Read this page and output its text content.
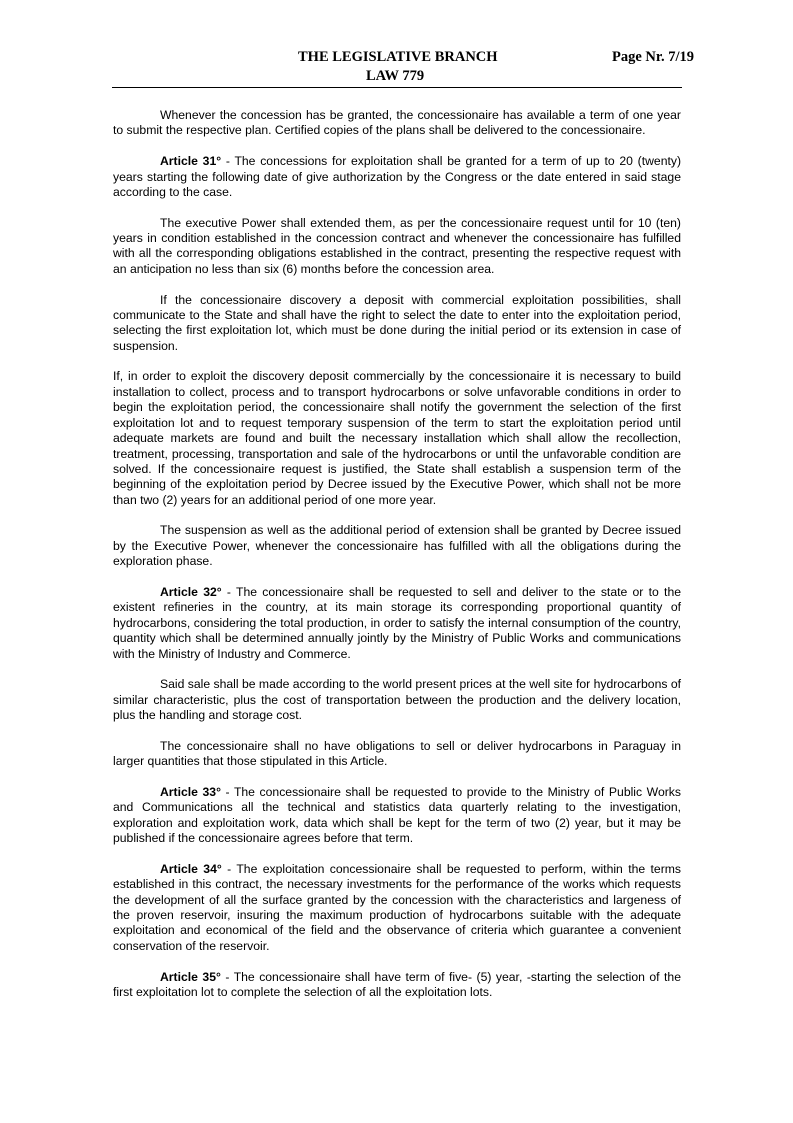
THE LEGISLATIVE BRANCH
LAW 779
Page Nr. 7/19

Whenever the concession has be granted, the concessionaire has available a term of one year to submit the respective plan. Certified copies of the plans shall be delivered to the concessionaire.

Article 31° - The concessions for exploitation shall be granted for a term of up to 20 (twenty) years starting the following date of give authorization by the Congress or the date entered in said stage according to the case.

The executive Power shall extended them, as per the concessionaire request until for 10 (ten) years in condition established in the concession contract and whenever the concessionaire has fulfilled with all the corresponding obligations established in the contract, presenting the respective request with an anticipation no less than six (6) months before the concession area.

If the concessionaire discovery a deposit with commercial exploitation possibilities, shall communicate to the State and shall have the right to select the date to enter into the exploitation period, selecting the first exploitation lot, which must be done during the initial period or its extension in case of suspension.

If, in order to exploit the discovery deposit commercially by the concessionaire it is necessary to build installation to collect, process and to transport hydrocarbons or solve unfavorable conditions in order to begin the exploitation period, the concessionaire shall notify the government the selection of the first exploitation lot and to request temporary suspension of the term to start the exploitation period until adequate markets are found and built the necessary installation which shall allow the recollection, treatment, processing, transportation and sale of the hydrocarbons or until the unfavorable condition are solved. If the concessionaire request is justified, the State shall establish a suspension term of the beginning of the exploitation period by Decree issued by the Executive Power, which shall not be more than two (2) years for an additional period of one more year.

The suspension as well as the additional period of extension shall be granted by Decree issued by the Executive Power, whenever the concessionaire has fulfilled with all the obligations during the exploration phase.

Article 32° - The concessionaire shall be requested to sell and deliver to the state or to the existent refineries in the country, at its main storage its corresponding proportional quantity of hydrocarbons, considering the total production, in order to satisfy the internal consumption of the country, quantity which shall be determined annually jointly by the Ministry of Public Works and communications with the Ministry of Industry and Commerce.

Said sale shall be made according to the world present prices at the well site for hydrocarbons of similar characteristic, plus the cost of transportation between the production and the delivery location, plus the handling and storage cost.

The concessionaire shall no have obligations to sell or deliver hydrocarbons in Paraguay in larger quantities that those stipulated in this Article.

Article 33° - The concessionaire shall be requested to provide to the Ministry of Public Works and Communications all the technical and statistics data quarterly relating to the investigation, exploration and exploitation work, data which shall be kept for the term of two (2) year, but it may be published if the concessionaire agrees before that term.

Article 34° - The exploitation concessionaire shall be requested to perform, within the terms established in this contract, the necessary investments for the performance of the works which requests the development of all the surface granted by the concession with the characteristics and largeness of the proven reservoir, insuring the maximum production of hydrocarbons suitable with the adequate exploitation and economical of the field and the observance of criteria which guarantee a convenient conservation of the reservoir.

Article 35° - The concessionaire shall have term of five- (5) year, -starting the selection of the first exploitation lot to complete the selection of all the exploitation lots.
